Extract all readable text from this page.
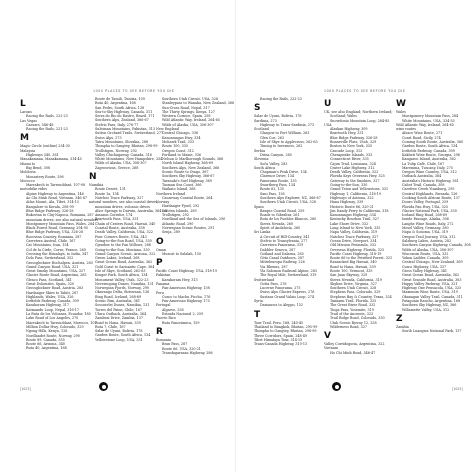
1000 PLACES TO SEE BEFORE YOU DIE
L
Laruns
Racing the Rails, 222-23
Las Vegas
Caesars, 546-48
Racing the Rails, 221-23
M
Magic Circle (outline) 234-35
Malaysia
Highways 340, 361
Manakamana, Manakamana, 314-45
Miami to
Big Bend, 308
Moldovia
Monastery Route, 296
Morocco
Marrakech to Tarrouddant, 107-08
motorbike rides
Alpine Highway to Argentina, 146
Ao Chi Minh Road, Vietnam, 346-47
Atlas Mount, Ala, Tibet, 314-15
Bangalore to Kerala, 208-99
Blue Ridge Parkway, 326-28
Bukovina to Cluj-Napoca, Romania, 287
mountain drives, see also natural wonders
Montgomery Mountain Pass, Wales, 284
Black Forest Road, Germany, 294-95
Blue Ridge Parkway, USA, 326-28
Bucovina Country, Romania, 287
Carretera Austral, Chile, 167
Cat Mountains, Iran, 154
Col de la Cirde, Corse, France, 260
Crossing the Himalaya, to India, 347
Dolo Pass, Switzerland, 352
Grossglockner Hochalpen, Austria, 283
Grand Canyon Road, USA, 321
Great Smoky Mountains, USA, 327
Glacier Route Road, Argentina, 265
Glenco Pass, Scotland, 341
Great Dolomites, Spain, 320
Grossglockner Road, Austria, 283
Hardanger Skies to Tahiti, 287
Highlands, Wales, USA, 326
Icefields Parkway, Canada, 309
Karakoram Highway, 317
Katmandu Loop, Nepal, 316-17
La Ruta de los Volcanes, Ecuador, 180
Lake Road of Los Angeles, 270
Marrakech to Tarrouddant, Morocco, 107
Million Dollar Hwy, Colorado, 329
Ngong Hills, Kenya, 126
Nordlandet Route, Norway, 290
Route 89, Canada, 355
Route 66, Arizona, 340
Ruta 40, Argentina, 168
Route de Tassili, Tunisia, 109
Ruta 40, Argentina, 168
San Pedro, South Africa, 138
Sea-to-Sky Highway, Canada, 311
Serra do Rio do Rastro, Brazil, 171
Southern Alps, Zealand, 366-67
Stelvio Pass, Italy, 276-77
Suleiman Mountains, Pakistan, 313
Sutton Orchard Trails, Switzerland, 277
Swiss Alps, 275
Tatra Mountains, Slovakia, 288
Thimphu to Gangtey, Bhutan, 298-99
Trollstigen, Norway, 292
Valley Chichagaway, Canada, 316
White Mountains, New Hampshire, 334
Wilds of Alaska, USA, 306-307
Zagrosvious, Greece, 268
N
Namibia
Route Desert, 131
Route 1a, 134
Natchez Trace Parkway, 327
natural wonders, see also coastal drives,
mountain drives, volcanic drives
Alice Springs to Darwin, Australia, 364-65
Amazon Corridor, 174
Beartooth Pass, USA, 331
Chain of Craters Road, Hawaii, 340
Coastal Route, Australia, 358
Death Valley, California, USA, 322
Four Corners Route, USA, 343
Going-to-the-Sun Road, USA, 330
Gjendow to the Fan Willows, 288
Going-to-the-Sun, Montana, 330
Grand Canyon Scenic, Arizona, 322
Green Lakes, Iceland, 268
Great Ocean Road, Australia, 362
Gold Coast to Sarisantic Cape, 364
Isle of Skye, Scotland, 262-63
Kruger Park, South Africa, 134
Monument Valley, Utah, 322-23
Nevernoping Dunes, Namibia, 131
Norwegian Fjords, Norway, 290
Okavango Delta, Botswana, 136
Ring Road, Iceland, 268-69
Scenic Rim, Australia, 361
Sossusvlei Dunes, Namibia, 131
Torres del Paine, Chile, 167
Uluru Outback, Australia, 364
Zambezi Drive, Zambia, 137
Road to Hana, Hawaii, 339
Ruta 7, Chile, 167
Salar de Uyuni, Bolivia, 178
Garden Route, South Africa, 134
Yellowstone Loop, USA, 331
Southern Utah Circuit, USA, 328
Stanleypass to Wanaka, New Zealand, 366
Sun-Cross Road, Nepal, 317
The Thirty Springs, Kenya, 127
Western Cornice, Spain, 258
Wild Atlantic Way, Ireland, 264-65
Wilds of Alaska, USA, 306-307
New England
Central Chicago, 336
Kancamagus Hwy, 334
Mohawk Trail, 333
Route 100, 335
Oregon Coast, 312
Portland to Maine, 336
Nelson & Marlborough Sounds, 366
North Island Highway, 368-69
Southern Alps, New Zealand, 366
Scenic Route to Otago, 367
Southern Sky Highway, 366-67
Taranaki's Surf Highway, 369
Tasman Sea Coast, 366
Waikato Island, 368
Northern Ireland
Causeway Coastal Route, 264
Norway
Hardanger Fjord, 292
Lofoten Islands, 289
Trollstigen, 292
Nordland and the Sea of Islands, 290
Atlantic Road, 290
Norwegian Scenic Routes, 291
Senja, 289
O
Oman
Muscat to Salalah, 150
P
Pacific Coast Highway, USA, 318-19
Pakistan
Karakoram Hwy, 313
Panama
Pan-American Highway, 158
Peru
Cusco to Machu Picchu, 176
Pan-American Highway, 175
Portugal
Algarve, 258
Estrada Nacional 2, 259
Puerto Rico
Ruta Panorámica, 159
R
Romania
Bran Pass, 287
Route 66, USA, 320-21
Transfagarasan Highway, 286
[1023]
1000 PLACES TO SEE BEFORE YOU DIE
Racing the Rails, 222-23
S
Salar de Uyuni, Bolivia, 178
Sardinia, 273
Highway to Trans-Sardinia, 273
Scotland
Glasgow to Fort William, 263
Glen Coe, 263
Isle of Skye to Applecross, 262-63
Timing to Inverness, 262
Serbia
Drina Canyon, 285
Slovenia
Soča Valley, 283
South Africa
Chapman's Peak Drive, 134
Clarence Drive, 134
Panorama Route, 135
Swartberg Pass, 134
Route 62, 135
Sani Pass, 136
Southern Alps Explorer, NZ, 366-67
Southern Utah Circuit, USA, 328
Spain
Basque Coastal Road, 259
Roads to Gibraltar, 261
Ruta de los Pueblos Blancos, 260
Sierra Nevada, 260
Spirit of Andalucía, 260
Sri Lanka
A Circuit of Hill-Country, 341
Stelvio to Transylvania, 277
Carretera Panorama, 319
Dabbler Seneca, 287
Gotland and Dalarna, 285
Göta Canal Outdoors, 287
Mitteleuropa Railway, 226
Via Rhenus, 287
Yla Salomon Railroad Alpine, 283
The Royal Mile, Switzerland, 319
Switzerland
Gotta Pass, 276
Lucerne Panorama, 275
Swiss Alps Glacier Express, 276
Sustans Grand Valais Loop, 274
Syria
Damascus to Aleppo, 152
T
Tour Trail, Peru, 168, 240-45
Thailand to Bangkok, Bhutan, 295-99
Thimphu to Gangtey, Bhutan, 298-99
Three Corridors, Spain, 248-49
Tibet Himalaya Tour, 314-15
Trans-Canada Highway, 310-13
U
UK, see also England; Northern Ireland;
Scotland; Wales
Snowdonia Mountain Loop, 284-85
USA
Alaskan Highway, 309
Beartooth Hwy, 331
Blue Ridge Parkway, 326-28
Bonneville Flats, Utah, 329
Boston to New York, 335
Cascade Loop, 312
Chesapeake Islands, 333
Connecticut River, 335
Cajun Trail, Louisiana, 324
Crater Lake Highway, 312
Death Valley, California, 322
Florida Keys Overseas Hwy, 325
Gateway to the Smokies, 327
Going-to-the-Sun, 330
Grand Teton and Yellowstone, 331
Highway 1, California, 318-19
Highways of Arizona, 322
Hana Highway, 339
Historic Route 66, 320-21
Jim Dandy Ferry to California, 318
Kancamagus Highway, 334
Kentucky Bourbon Trail, 327
Lake Shore Drive, 332
Long Island to New York, 335
Napa Valley, California, 319
Natchez Trace Parkway, 327
Ocean Drive, Newport, 334
Old Mission Peninsula, 332
Overseas Highway, Florida, 325
Pacific Coast Highway, 318-19
Route 66 to the Petrified Forest, 321
Ransacked Big Hawaii, 340
Road to Hana, Hawaii, 339
Route 100, Vermont, 335
San Juan Skyway, 329
Sierra Nevada, California, 319
Skyline Drive, Virginia, 327
Southern Utah Circuit, 328
Stephens Pass, Colorado, 329
Stephens Bay & Country, Texas, 324
Tamiami Trail, Florida, 325
The Great River Road, 332
Tioga Pass, Yosemite, 319
Trail of the Ancients, 323
Trail Ridge Road, Colorado, 330
Utah Scenic Byway 12, 328
Wilderness Road, 327
V
Valley Corridogoria, Argentina, 322
Vietnam
Ho Chi Minh Road, 346-47
W
Wales
Montgomery Mountain Pass, 284
White Mountains, USA, 334-35
Wild Atlantic Way, Ireland, 264-65
wine routes
Alsace Wine Route, 271
Coast Road, Sicily, 274
Coming South Route, Australia, 360
Garden Route, South Africa, 134
Icefields Parkway, Canada, 309
Kakheti Wine Route, Georgia, 296
Kangaroo Island, Australia, 362
La Tulip Café, Chile, 167
Maremma, Tuscany, Italy, 275
Oregon Wine Country, USA, 312
Outback Australia, 364
Australia's Historic Highway, 361
Cabot Trail, Canada, 308
Carefree Creek Ytamburg, 295
Central Highlands, Rwanda, 126
Cooking South African Route, 137
Douro Valley, Portugal, 259
Florida Pan Hwy, USA, 325
Glacier National Park, USA, 330
Iceland Ring Road, 268-69
Inside Passage, Alaska, 306
Langhe Wine Roads, Italy, 272
Mosel Valley, Germany, 280
Napa & Sonoma, USA, 319
Oregon Trail Journey, USA, 312
Salzburg Lakes, Austria, 282
Southern Canyon Highway, Canada, 308
Wilds of Alaska, USA, 306-307
Wisconsin Route, USA, 332
Yukon Ladder, Canada, 309
Central Chicago, New Zealand, 369
Cusco Highway, USA, 337
Gross Valley Highway, 341
Great Ocean Road, Australia, 362
Great Seaside Road, Australia, 363
Happy Valley Parkway, USA, 321
Highway One Pensacola, USA, 325
Maximum Wine Route, USA, 319
Okanagan Valley Trail, Canada, 311
Patagonia Rancho, Argentina, 168
Southern Sky Highway, NZ, 366
Willamette Valley, USA, 312
Z
Zambia
South Luangwa National Park, 137
[1025]
